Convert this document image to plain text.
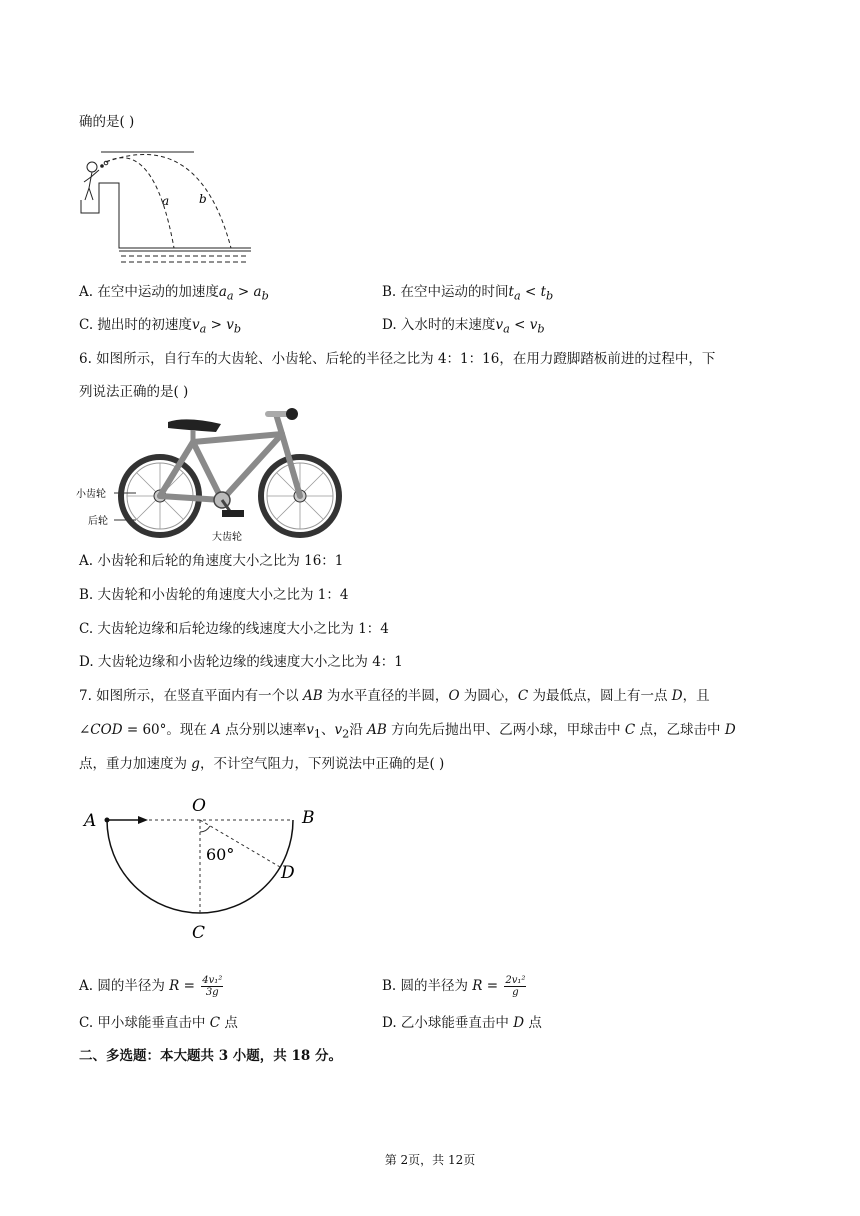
确的是( )
a b
A. 在空中运动的加速度$a_a > a_b$	B. 在空中运动的时间$t_a < t_b$
C. 抛出时的初速度$v_a > v_b$	D. 入水时的末速度$v_a < v_b$
6. 如图所示，自行车的大齿轮、小齿轮、后轮的半径之比为 4：1：16，在用力蹬脚踏板前进的过程中，下
列说法正确的是( )
小齿轮
后轮
大齿轮
A. 小齿轮和后轮的角速度大小之比为 16：1
B. 大齿轮和小齿轮的角速度大小之比为 1：4
C. 大齿轮边缘和后轮边缘的线速度大小之比为 1：4
D. 大齿轮边缘和小齿轮边缘的线速度大小之比为 4：1
7. 如图所示，在竖直平面内有一个以 AB 为水平直径的半圆，O 为圆心，C 为最低点，圆上有一点 D，且
∠COD = 60°。现在 A 点分别以速率$v_1$、$v_2$沿 AB 方向先后抛出甲、乙两小球，甲球击中 C 点，乙球击中 D
点，重力加速度为 g，不计空气阻力，下列说法中正确的是( )
A
O
B
D
C
60°
A. 圆的半径为 $R = \frac{\text{4v₁²}}{3g}$	B. 圆的半径为 $R = \frac{\text{2v₁²}}{g}$
C. 甲小球能垂直击中 C 点	D. 乙小球能垂直击中 D 点
二、多选题：本大题共 3 小题，共 18 分。
第 2页，共 12页
